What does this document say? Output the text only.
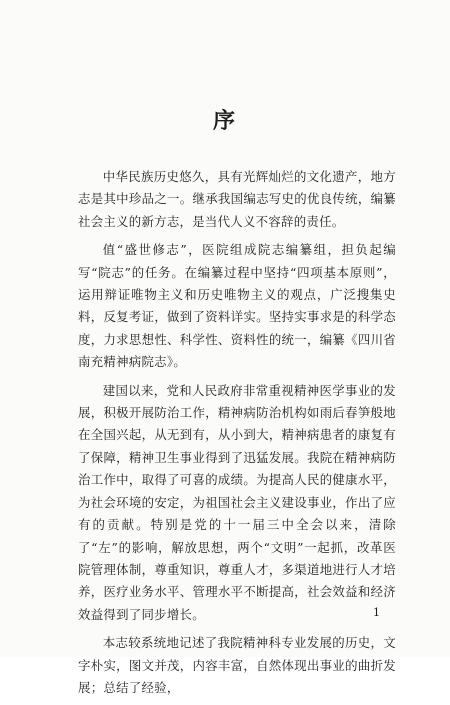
序

中华民族历史悠久，具有光辉灿烂的文化遗产，地方志是其中珍品之一。继承我国编志写史的优良传统，编纂社会主义的新方志，是当代人义不容辞的责任。

值“盛世修志”，医院组成院志编纂组，担负起编写“院志”的任务。在编纂过程中坚持“四项基本原则”，运用辩证唯物主义和历史唯物主义的观点，广泛搜集史料，反复考证，做到了资料详实。坚持实事求是的科学态度，力求思想性、科学性、资料性的统一，编纂《四川省南充精神病院志》。

建国以来，党和人民政府非常重视精神医学事业的发展，积极开展防治工作，精神病防治机构如雨后春笋般地在全国兴起，从无到有，从小到大，精神病患者的康复有了保障，精神卫生事业得到了迅猛发展。我院在精神病防治工作中，取得了可喜的成绩。为提高人民的健康水平，为社会环境的安定，为祖国社会主义建设事业，作出了应有的贡献。特别是党的十一届三中全会以来，清除了“左”的影响，解放思想，两个“文明”一起抓，改革医院管理体制，尊重知识，尊重人才，多渠道地进行人才培养，医疗业务水平、管理水平不断提高，社会效益和经济效益得到了同步增长。

本志较系统地记述了我院精神科专业发展的历史，文字朴实，图文并茂，内容丰富，自然体现出事业的曲折发展；总结了经验，

1
